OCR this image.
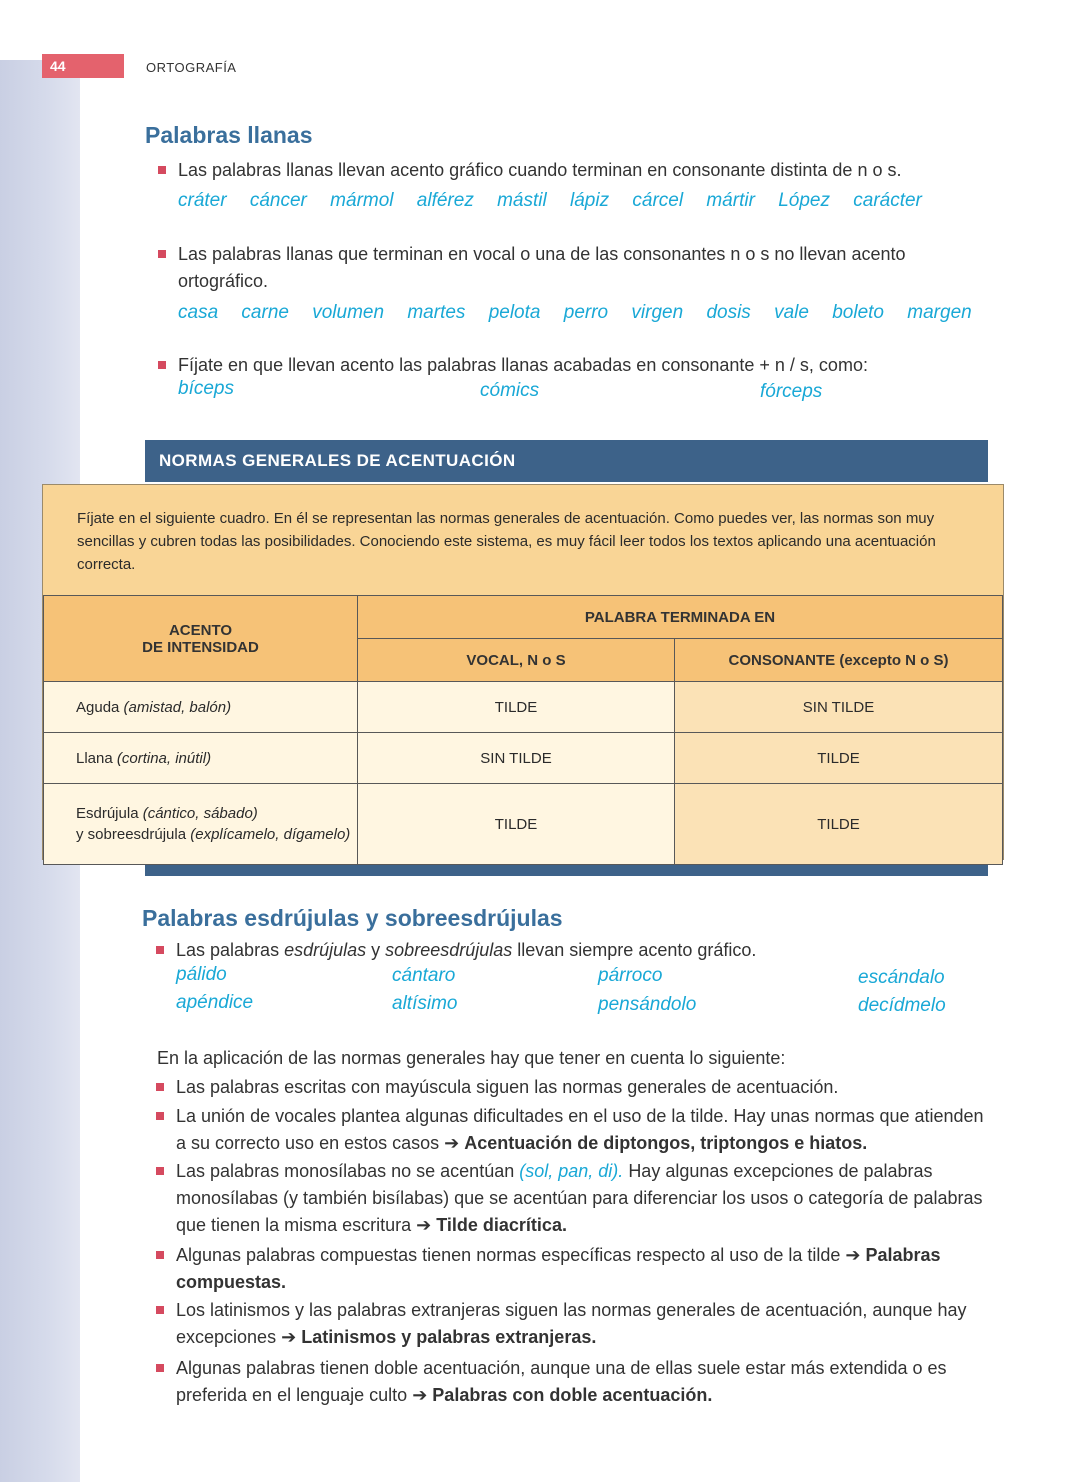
44	ORTOGRAFÍA
Palabras llanas
Las palabras llanas llevan acento gráfico cuando terminan en consonante distinta de n o s.
cráter cáncer mármol alférez mástil lápiz cárcel mártir López carácter
Las palabras llanas que terminan en vocal o una de las consonantes n o s no llevan acento
ortográfico.
casa carne volumen martes pelota perro virgen dosis vale boleto margen
Fíjate en que llevan acento las palabras llanas acabadas en consonante + n / s, como:
bíceps	cómics	fórceps
NORMAS GENERALES DE ACENTUACIÓN
Fíjate en el siguiente cuadro. En él se representan las normas generales de acentuación. Como puedes ver, las normas son muy sencillas y cubren todas las posibilidades. Conociendo este sistema, es muy fácil leer todos los textos aplicando una acentuación correcta.
ACENTO
DE INTENSIDAD	PALABRA TERMINADA EN	
	VOCAL, N o S	CONSONANTE (excepto N o S)
Aguda (amistad, balón)	TILDE	SIN TILDE
Llana (cortina, inútil)	SIN TILDE	TILDE
Esdrújula (cántico, sábado)
y sobreesdrújula (explícamelo, dígamelo)	TILDE	TILDE
Palabras esdrújulas y sobreesdrújulas
Las palabras esdrújulas y sobreesdrújulas llevan siempre acento gráfico.
pálido	cántaro	párroco	escándalo
apéndice	altísimo	pensándolo	decídmelo
En la aplicación de las normas generales hay que tener en cuenta lo siguiente:
Las palabras escritas con mayúscula siguen las normas generales de acentuación.
La unión de vocales plantea algunas dificultades en el uso de la tilde. Hay unas normas que atienden a su correcto uso en estos casos ➔ Acentuación de diptongos, triptongos e hiatos.
Las palabras monosílabas no se acentúan (sol, pan, di). Hay algunas excepciones de palabras monosílabas (y también bisílabas) que se acentúan para diferenciar los usos o categoría de palabras que tienen la misma escritura ➔ Tilde diacrítica.
Algunas palabras compuestas tienen normas específicas respecto al uso de la tilde ➔ Palabras compuestas.
Los latinismos y las palabras extranjeras siguen las normas generales de acentuación, aunque hay excepciones ➔ Latinismos y palabras extranjeras.
Algunas palabras tienen doble acentuación, aunque una de ellas suele estar más extendida o es preferida en el lenguaje culto ➔ Palabras con doble acentuación.
